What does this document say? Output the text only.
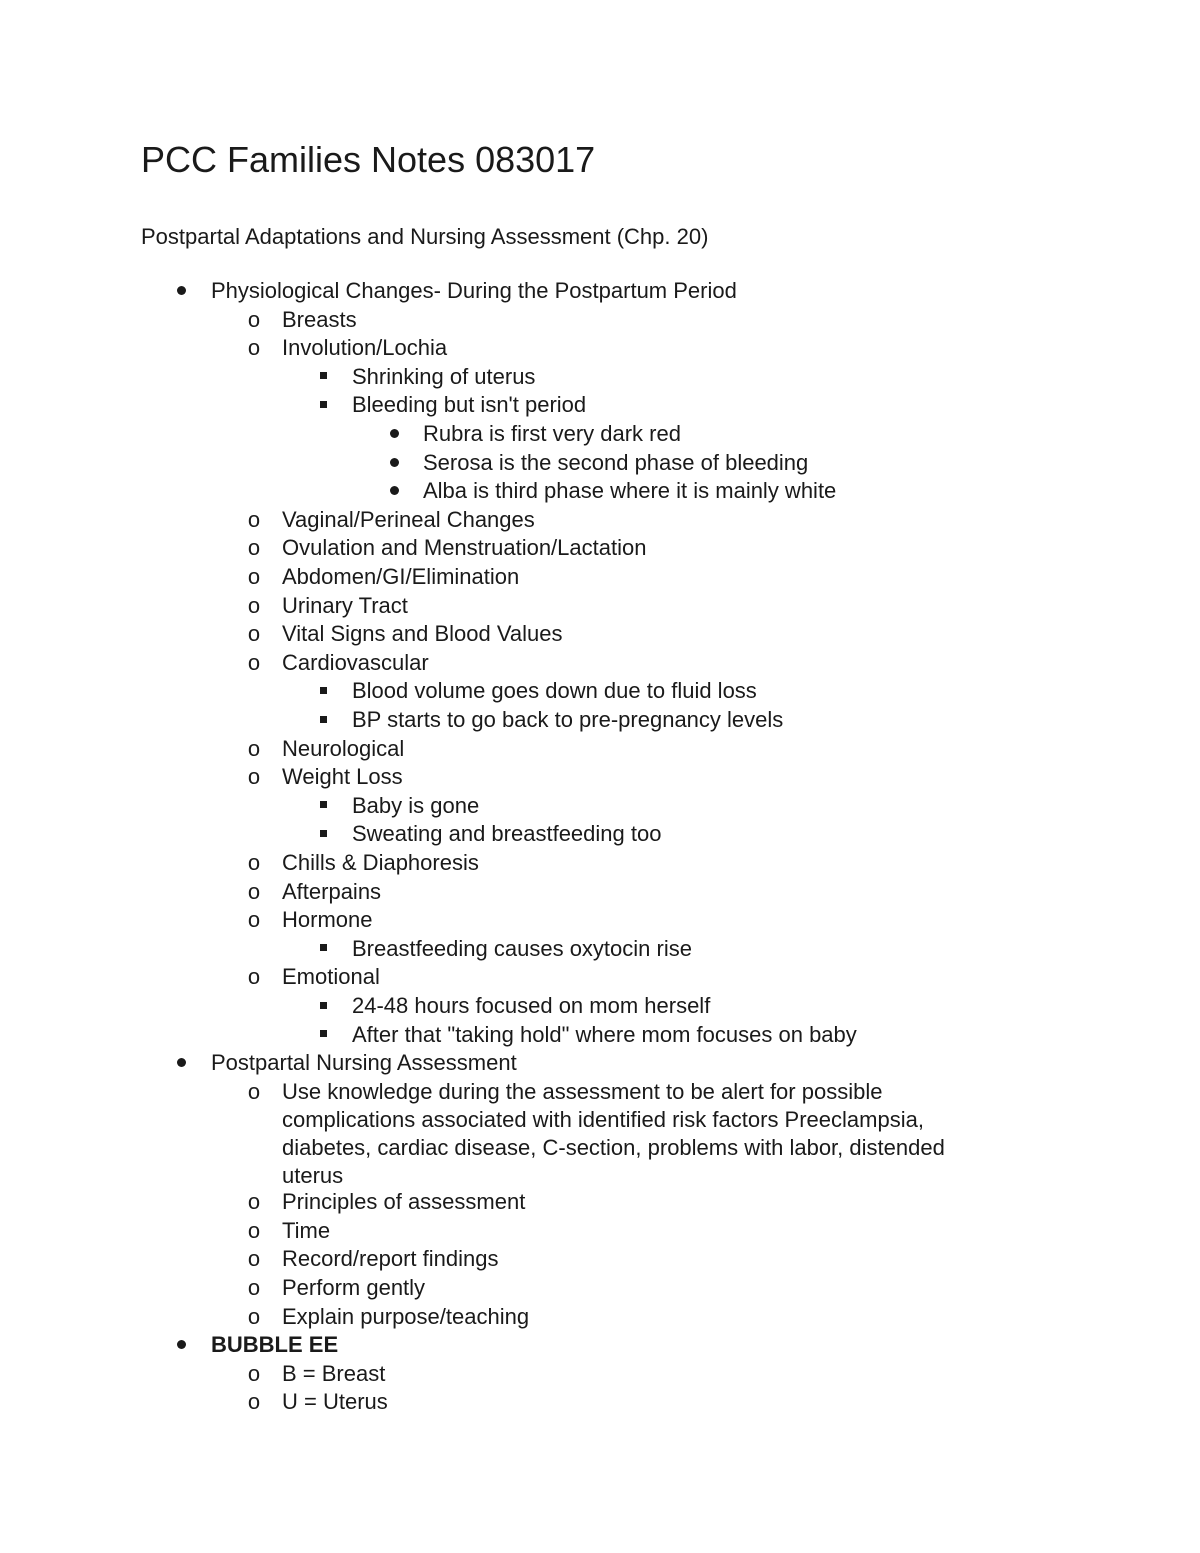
PCC Families Notes 083017

Postpartal Adaptations and Nursing Assessment (Chp. 20)

Physiological Changes- During the Postpartum Period
o Breasts
o Involution/Lochia
Shrinking of uterus
Bleeding but isn't period
Rubra is first very dark red
Serosa is the second phase of bleeding
Alba is third phase where it is mainly white
o Vaginal/Perineal Changes
o Ovulation and Menstruation/Lactation
o Abdomen/GI/Elimination
o Urinary Tract
o Vital Signs and Blood Values
o Cardiovascular
Blood volume goes down due to fluid loss
BP starts to go back to pre-pregnancy levels
o Neurological
o Weight Loss
Baby is gone
Sweating and breastfeeding too
o Chills & Diaphoresis
o Afterpains
o Hormone
Breastfeeding causes oxytocin rise
o Emotional
24-48 hours focused on mom herself
After that "taking hold" where mom focuses on baby
Postpartal Nursing Assessment
o Use knowledge during the assessment to be alert for possible complications associated with identified risk factors Preeclampsia, diabetes, cardiac disease, C-section, problems with labor, distended uterus
o Principles of assessment
o Time
o Record/report findings
o Perform gently
o Explain purpose/teaching
BUBBLE EE
o B = Breast
o U = Uterus
